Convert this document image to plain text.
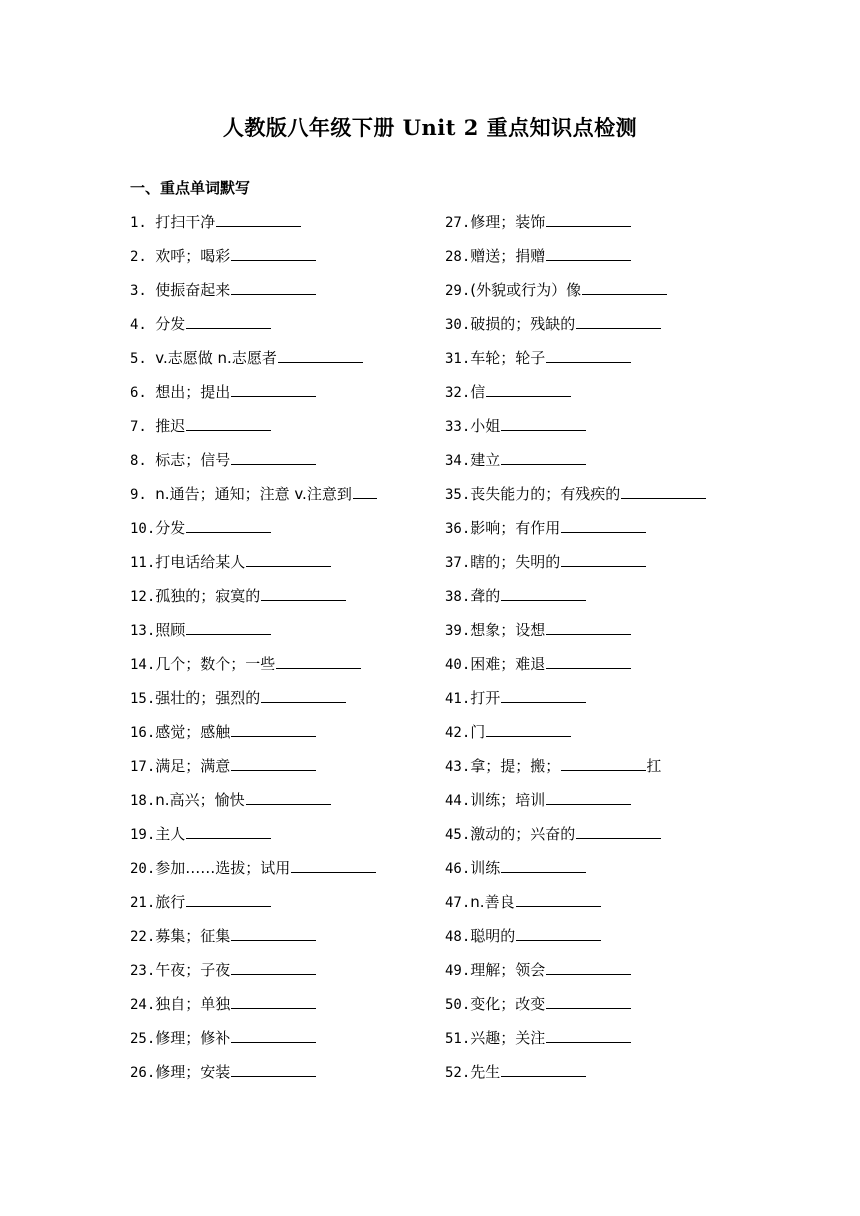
人教版八年级下册 Unit 2 重点知识点检测
一、重点单词默写
1. 打扫干净
2. 欢呼；喝彩
3. 使振奋起来
4. 分发
5. v.志愿做 n.志愿者
6. 想出；提出
7. 推迟
8. 标志；信号
9. n.通告；通知；注意 v.注意到
10.分发
11.打电话给某人
12.孤独的；寂寞的
13.照顾
14.几个；数个；一些
15.强壮的；强烈的
16.感觉；感触
17.满足；满意
18.n.高兴；愉快
19.主人
20.参加……选拔；试用
21.旅行
22.募集；征集
23.午夜；子夜
24.独自；单独
25.修理；修补
26.修理；安装
27.修理；装饰
28.赠送；捐赠
29.(外貌或行为）像
30.破损的；残缺的
31.车轮；轮子
32.信
33.小姐
34.建立
35.丧失能力的；有残疾的
36.影响；有作用
37.瞎的；失明的
38.聋的
39.想象；设想
40.困难；难退
41.打开
42.门
43.拿；提；搬；	扛
44.训练；培训
45.激动的；兴奋的
46.训练
47.n.善良
48.聪明的
49.理解；领会
50.变化；改变
51.兴趣；关注
52.先生
